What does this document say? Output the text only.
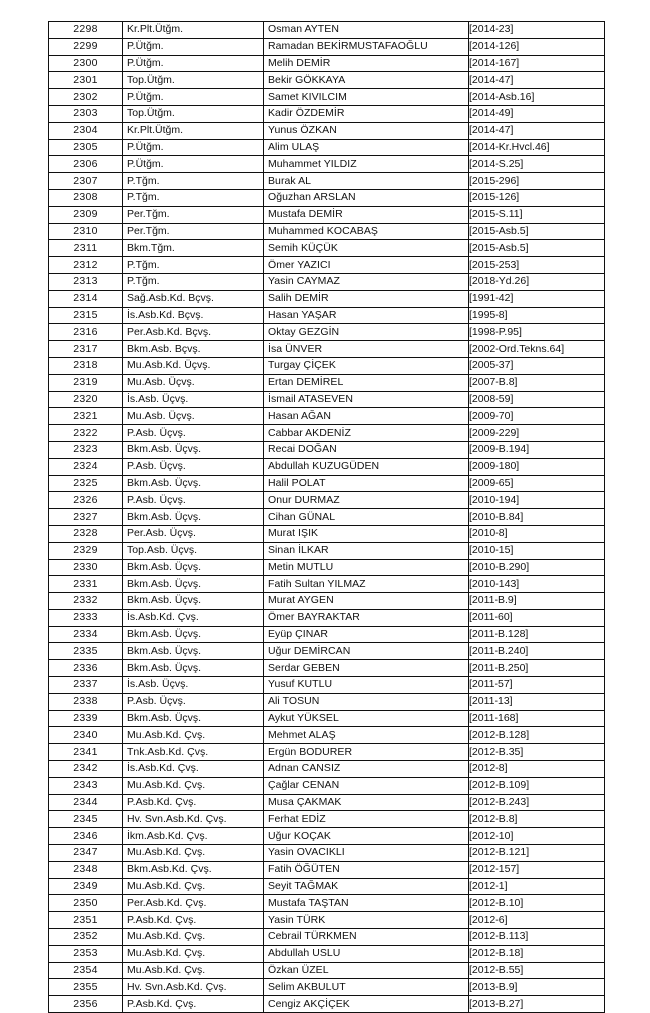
2298	Kr.Plt.Ütğm.	Osman AYTEN	[2014-23]
2299	P.Ütğm.	Ramadan BEKİRMUSTAFAOĞLU	[2014-126]
2300	P.Ütğm.	Melih DEMİR	[2014-167]
2301	Top.Ütğm.	Bekir GÖKKAYA	[2014-47]
2302	P.Ütğm.	Samet KIVILCIM	[2014-Asb.16]
2303	Top.Ütğm.	Kadir ÖZDEMİR	[2014-49]
2304	Kr.Plt.Ütğm.	Yunus ÖZKAN	[2014-47]
2305	P.Ütğm.	Alim ULAŞ	[2014-Kr.Hvcl.46]
2306	P.Ütğm.	Muhammet YILDIZ	[2014-S.25]
2307	P.Tğm.	Burak AL	[2015-296]
2308	P.Tğm.	Oğuzhan ARSLAN	[2015-126]
2309	Per.Tğm.	Mustafa DEMİR	[2015-S.11]
2310	Per.Tğm.	Muhammed KOCABAŞ	[2015-Asb.5]
2311	Bkm.Tğm.	Semih KÜÇÜK	[2015-Asb.5]
2312	P.Tğm.	Ömer YAZICI	[2015-253]
2313	P.Tğm.	Yasin CAYMAZ	[2018-Yd.26]
2314	Sağ.Asb.Kd. Bçvş.	Salih DEMİR	[1991-42]
2315	İs.Asb.Kd. Bçvş.	Hasan YAŞAR	[1995-8]
2316	Per.Asb.Kd. Bçvş.	Oktay GEZGİN	[1998-P.95]
2317	Bkm.Asb. Bçvş.	İsa ÜNVER	[2002-Ord.Tekns.64]
2318	Mu.Asb.Kd. Üçvş.	Turgay ÇİÇEK	[2005-37]
2319	Mu.Asb. Üçvş.	Ertan DEMİREL	[2007-B.8]
2320	İs.Asb. Üçvş.	İsmail ATASEVEN	[2008-59]
2321	Mu.Asb. Üçvş.	Hasan AĞAN	[2009-70]
2322	P.Asb. Üçvş.	Cabbar AKDENİZ	[2009-229]
2323	Bkm.Asb. Üçvş.	Recai DOĞAN	[2009-B.194]
2324	P.Asb. Üçvş.	Abdullah KUZUGÜDEN	[2009-180]
2325	Bkm.Asb. Üçvş.	Halil POLAT	[2009-65]
2326	P.Asb. Üçvş.	Onur DURMAZ	[2010-194]
2327	Bkm.Asb. Üçvş.	Cihan GÜNAL	[2010-B.84]
2328	Per.Asb. Üçvş.	Murat IŞIK	[2010-8]
2329	Top.Asb. Üçvş.	Sinan İLKAR	[2010-15]
2330	Bkm.Asb. Üçvş.	Metin MUTLU	[2010-B.290]
2331	Bkm.Asb. Üçvş.	Fatih Sultan YILMAZ	[2010-143]
2332	Bkm.Asb. Üçvş.	Murat AYGEN	[2011-B.9]
2333	İs.Asb.Kd. Çvş.	Ömer BAYRAKTAR	[2011-60]
2334	Bkm.Asb. Üçvş.	Eyüp ÇINAR	[2011-B.128]
2335	Bkm.Asb. Üçvş.	Uğur DEMİRCAN	[2011-B.240]
2336	Bkm.Asb. Üçvş.	Serdar GEBEN	[2011-B.250]
2337	İs.Asb. Üçvş.	Yusuf KUTLU	[2011-57]
2338	P.Asb. Üçvş.	Ali TOSUN	[2011-13]
2339	Bkm.Asb. Üçvş.	Aykut YÜKSEL	[2011-168]
2340	Mu.Asb.Kd. Çvş.	Mehmet ALAŞ	[2012-B.128]
2341	Tnk.Asb.Kd. Çvş.	Ergün BODURER	[2012-B.35]
2342	İs.Asb.Kd. Çvş.	Adnan CANSIZ	[2012-8]
2343	Mu.Asb.Kd. Çvş.	Çağlar CENAN	[2012-B.109]
2344	P.Asb.Kd. Çvş.	Musa ÇAKMAK	[2012-B.243]
2345	Hv. Svn.Asb.Kd. Çvş.	Ferhat EDİZ	[2012-B.8]
2346	İkm.Asb.Kd. Çvş.	Uğur KOÇAK	[2012-10]
2347	Mu.Asb.Kd. Çvş.	Yasin OVACIKLI	[2012-B.121]
2348	Bkm.Asb.Kd. Çvş.	Fatih ÖĞÜTEN	[2012-157]
2349	Mu.Asb.Kd. Çvş.	Seyit TAĞMAK	[2012-1]
2350	Per.Asb.Kd. Çvş.	Mustafa TAŞTAN	[2012-B.10]
2351	P.Asb.Kd. Çvş.	Yasin TÜRK	[2012-6]
2352	Mu.Asb.Kd. Çvş.	Cebrail TÜRKMEN	[2012-B.113]
2353	Mu.Asb.Kd. Çvş.	Abdullah USLU	[2012-B.18]
2354	Mu.Asb.Kd. Çvş.	Özkan ÜZEL	[2012-B.55]
2355	Hv. Svn.Asb.Kd. Çvş.	Selim AKBULUT	[2013-B.9]
2356	P.Asb.Kd. Çvş.	Cengiz AKÇİÇEK	[2013-B.27]
